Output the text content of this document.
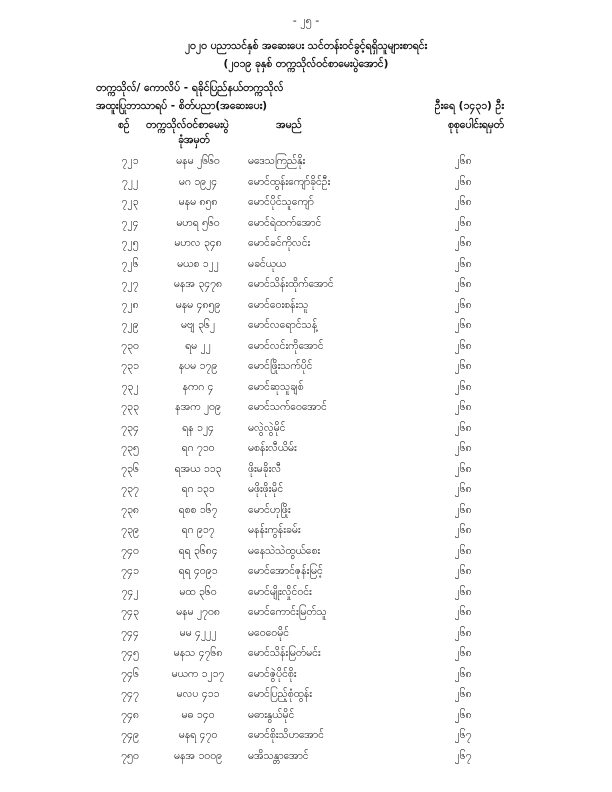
- ၂၅ -
၂၀၂၀ ပညာသင်နှစ် အဆေးပေး သင်တန်းဝင်ခွင့်ရရှိသူများစာရင်း
(၂၀၁၉ ခုနှစ် တက္ကသိုလ်ဝင်စာမေးပွဲအောင်)
တက္ကသိုလ်/ ကောလိပ် - ရခိုင်ပြည်နယ်တက္ကသိုလ်
အထူးပြုဘာသာရပ် - စိတ်ပညာ(အဆေးပေး)	ဦးရေ (၁၄၃၁) ဦး
စဉ် တက္ကသိုလ်ဝင်စာမေးပွဲ
ခုံအမှတ်
အမည်	စုစုပေါင်းရမှတ်
၇၂၁	မနမ ၂၆၆၀	မဒေသကြည်နိုး	၂၆၈
၇၂၂	မဂ ၁၉၂၄	မောင်ထွန်းကျော်ခိုင်ဦး	၂၆၈
၇၂၃	မနမ ၈၅၈	မောင်ပိုင်သူကျော်	၂၆၈
၇၂၄	မဟရ ၅၆၀	မောင်ရဲထက်အောင်	၂၆၈
၇၂၅	မဟလ ၃၄၈	မောင်ခင်ကိုလင်း	၂၆၈
၇၂၆	မယစ ၁၂၂	မခင်ယုယ	၂၆၈
၇၂၇	မနအ ၃၄၇၈	မောင်သိန်းထိုက်အောင်	၂၆၈
၇၂၈	မနမ ၄၈၅၉	မောင်ဝေးစန်းသူ	၂၆၈
၇၂၉	မဗျ ၃၆၂	မောင်လရောင်သန့်	၂၆၈
၇၃၀	ရမ ၂၂	မောင်လင်းကိုအောင်	၂၆၈
၇၃၁	နပမ ၁၇၉	မောင်ဖြိုးသက်ပိုင်	၂၆၈
၇၃၂	နကဂ ၄	မောင်ဆုသူချစ်	၂၆၈
၇၃၃	နအက ၂၀၉	မောင်သက်ဝေအောင်	၂၆၈
၇၃၄	ရန ၁၂၄	မလွဲလွဲမိုင်	၂၆၈
၇၃၅	ရဂ ၇၁၀	မစန်းလီယိမ်း	၂၆၈
၇၃၆	ရအယ ၁၁၃	ဖိုးမခိုးလီ	၂၆၈
၇၃၇	ရဂ ၁၃၁	မဖိုးဖိုးမိုင်	၂၆၈
၇၃၈	ရစစ ၁၆၇	မောင်ဟုဖြိုး	၂၆၈
၇၃၉	ရဂ ၉၁၇	မနန်းကွန်းခမ်း	၂၆၈
၇၄၀	ရရ ၃၆၈၄	မနေသဲသဲထွယ်စေး	၂၆၈
၇၄၁	ရရ ၄၀၉၁	မောင်အောင်ဇုန်းမြင့်	၂၆၈
၇၄၂	မထ ၃၆၀	မောင်မျိုးလှိုင်ဝင်း	၂၆၈
၇၄၃	မနမ ၂၇၀၈	မောင်ကောင်းမြတ်သူ	၂၆၈
၇၄၄	မမ ၄၂၂၂	မဝေဝေမိုင်	၂၆၈
၇၄၅	မနသ ၄၇၆၈	မောင်သိန်းမြတ်မင်း	၂၆၈
၇၄၆	မယက ၁၂၁၇	မောင်ဇွဲပိုင်စိုး	၂၆၈
၇၄၇	မလပ ၄၁၁	မောင်ပြည့်စုံထွန်း	၂၆၈
၇၄၈	မဓ ၁၄၀	မဓားနွယ်မိုင်	၂၆၈
၇၄၉	မနရ ၄၇၀	မောင်စိုးသိဟအောင်	၂၆၇
၇၅၀	မနအ ၁၀၀၉	မအိသန္တာအောင်	၂၆၇
